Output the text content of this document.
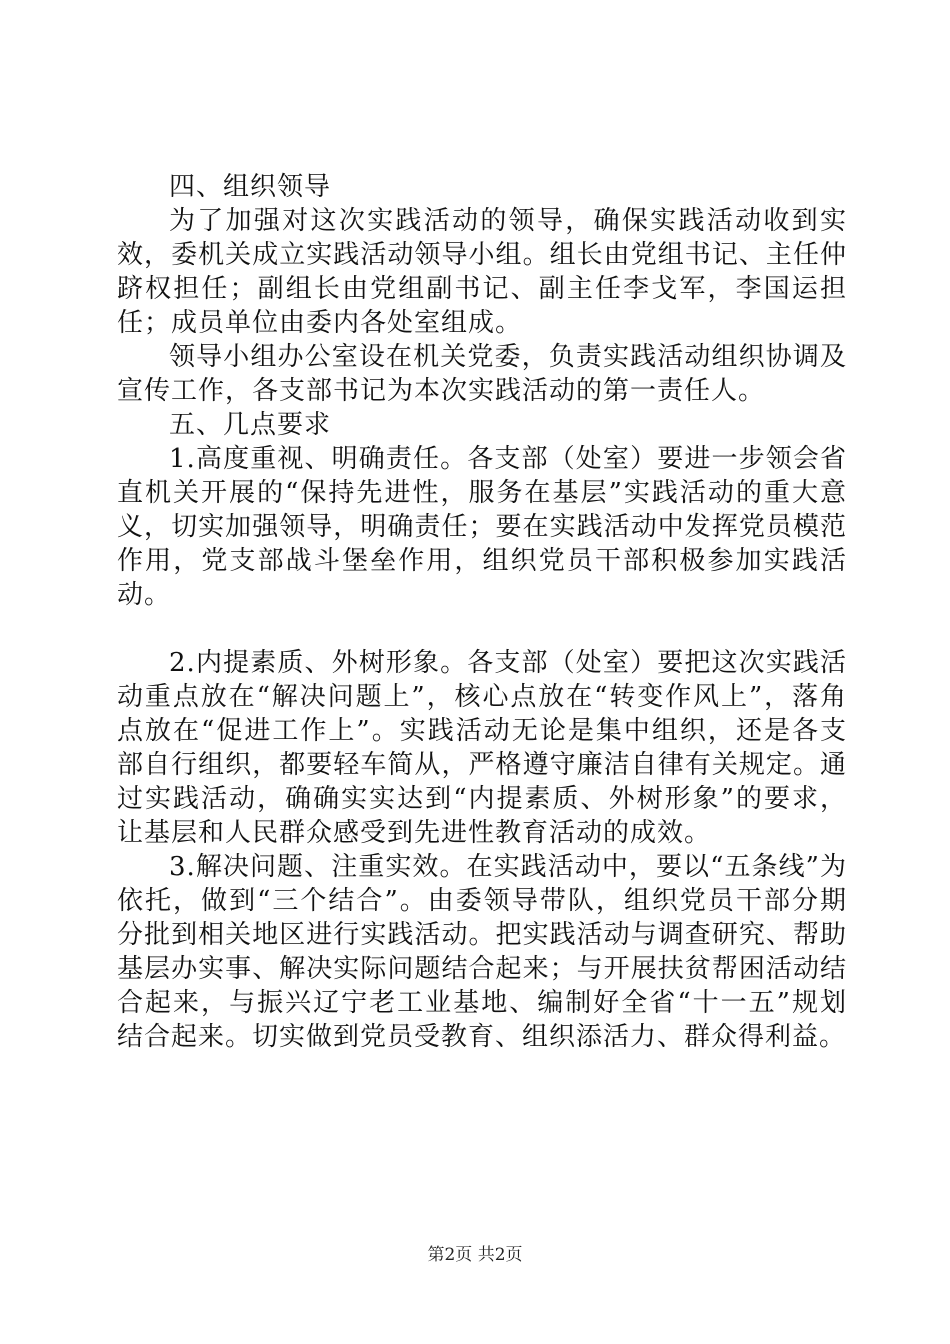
四、组织领导

为了加强对这次实践活动的领导，确保实践活动收到实效，委机关成立实践活动领导小组。组长由党组书记、主任仲跻权担任；副组长由党组副书记、副主任李戈军，李国运担任；成员单位由委内各处室组成。

领导小组办公室设在机关党委，负责实践活动组织协调及宣传工作，各支部书记为本次实践活动的第一责任人。

五、几点要求

1.高度重视、明确责任。各支部（处室）要进一步领会省直机关开展的“保持先进性，服务在基层”实践活动的重大意义，切实加强领导，明确责任；要在实践活动中发挥党员模范作用，党支部战斗堡垒作用，组织党员干部积极参加实践活动。

2.内提素质、外树形象。各支部（处室）要把这次实践活动重点放在“解决问题上”，核心点放在“转变作风上”，落角点放在“促进工作上”。实践活动无论是集中组织，还是各支部自行组织，都要轻车简从，严格遵守廉洁自律有关规定。通过实践活动，确确实实达到“内提素质、外树形象”的要求，让基层和人民群众感受到先进性教育活动的成效。

3.解决问题、注重实效。在实践活动中，要以“五条线”为依托，做到“三个结合”。由委领导带队，组织党员干部分期分批到相关地区进行实践活动。把实践活动与调查研究、帮助基层办实事、解决实际问题结合起来；与开展扶贫帮困活动结合起来，与振兴辽宁老工业基地、编制好全省“十一五”规划结合起来。切实做到党员受教育、组织添活力、群众得利益。

第2页 共2页
